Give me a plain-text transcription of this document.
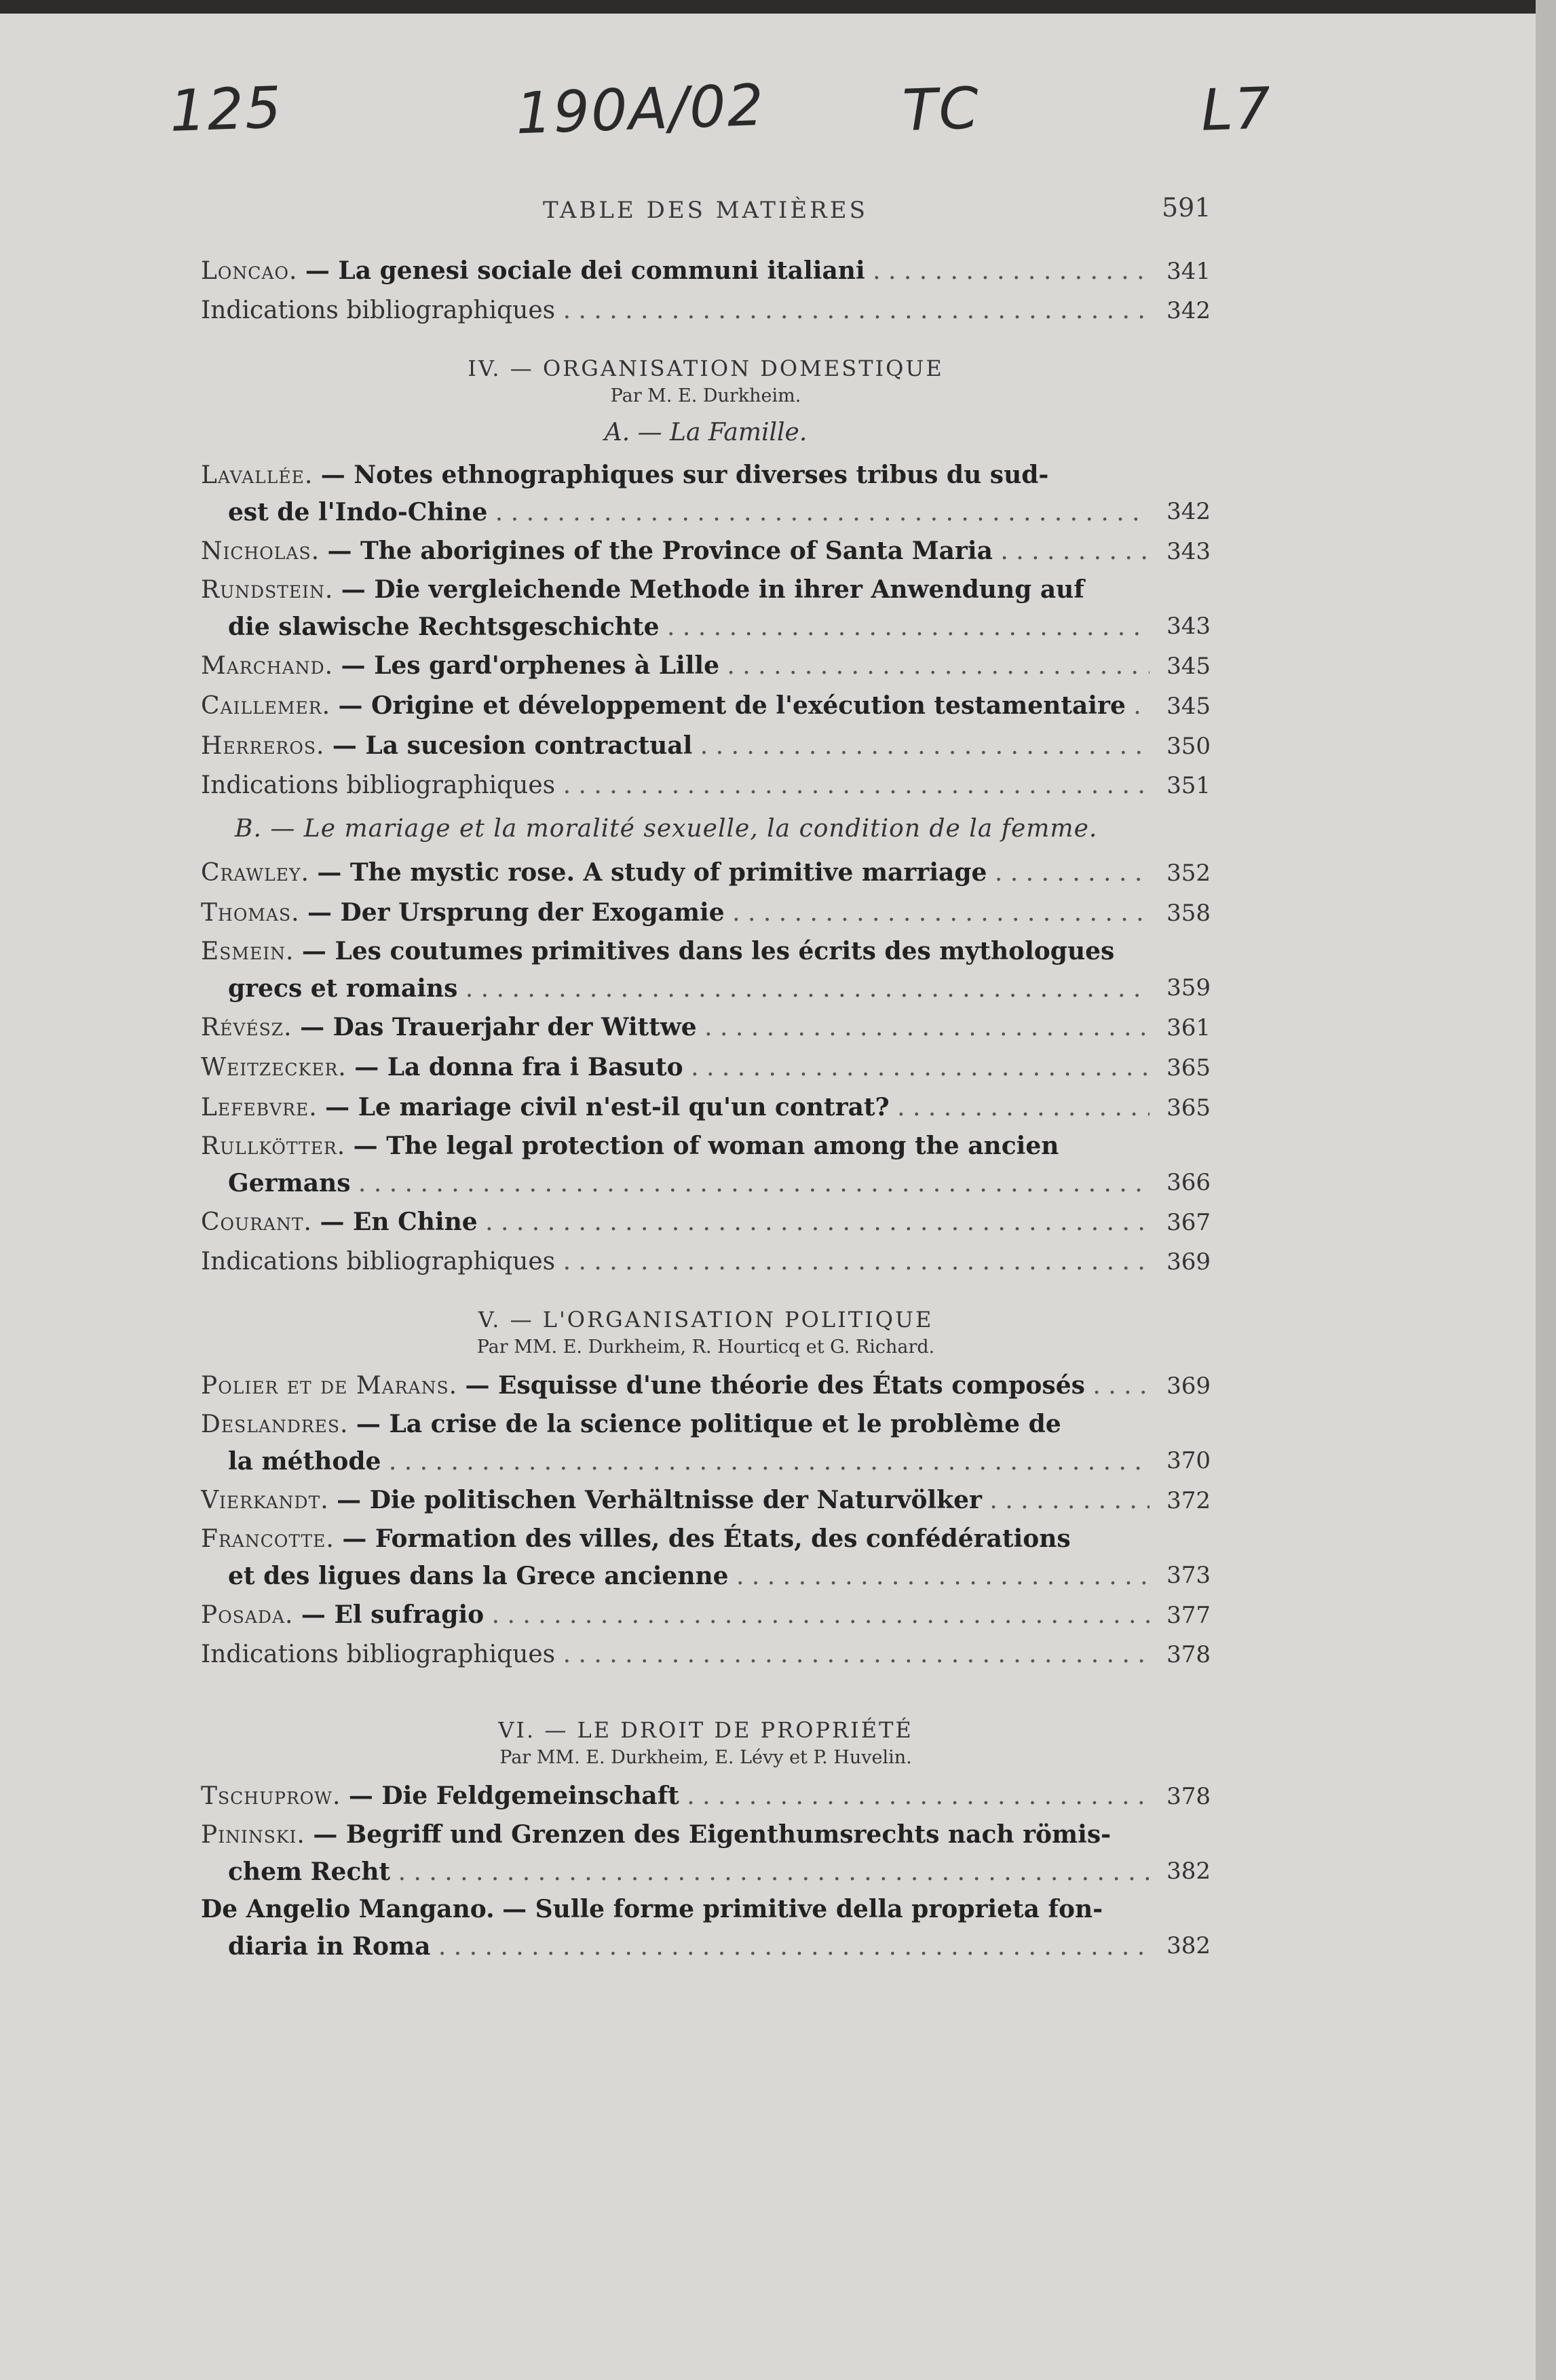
125	190A/02 TC	L7
TABLE DES MATIÈRES	591
Loncao. — La genesi sociale dei communi italiani . . .	341
Indications bibliographiques . . .	342
IV. — ORGANISATION DOMESTIQUE
Par M. E. Durkheim.
A. — La Famille.
Lavallée. — Notes ethnographiques sur diverses tribus du sud-
est de l'Indo-Chine . . .	342
Nicholas. — The aborigines of the Province of Santa Maria . . .	343
Rundstein. — Die vergleichende Methode in ihrer Anwendung auf
die slawische Rechtsgeschichte . . .	343
Marchand. — Les gard'orphenes à Lille . . .	345
Caillemer. — Origine et développement de l'exécution testamentaire . . .	345
Herreros. — La sucesion contractual . . .	350
Indications bibliographiques . . .	351
B. — Le mariage et la moralité sexuelle, la condition de la femme.
Crawley. — The mystic rose. A study of primitive marriage . . .	352
Thomas. — Der Ursprung der Exogamie . . .	358
Esmein. — Les coutumes primitives dans les écrits des mythologues
grecs et romains . . .	359
Révész. — Das Trauerjahr der Wittwe . . .	361
Weitzecker. — La donna fra i Basuto . . .	365
Lefebvre. — Le mariage civil n'est-il qu'un contrat? . . .	365
Rullkötter. — The legal protection of woman among the ancien
Germans . . .	366
Courant. — En Chine . . .	367
Indications bibliographiques . . .	369
V. — L'ORGANISATION POLITIQUE
Par MM. E. Durkheim, R. Hourticq et G. Richard.
Polier et de Marans. — Esquisse d'une théorie des États composés . . .	369
Deslandres. — La crise de la science politique et le problème de
la méthode . . .	370
Vierkandt. — Die politischen Verhältnisse der Naturvölker . . .	372
Francotte. — Formation des villes, des États, des confédérations
et des ligues dans la Grece ancienne . . .	373
Posada. — El sufragio . . .	377
Indications bibliographiques . . .	378
VI. — LE DROIT DE PROPRIÉTÉ
Par MM. E. Durkheim, E. Lévy et P. Huvelin.
Tschuprow. — Die Feldgemeinschaft . . .	378
Pininski. — Begriff und Grenzen des Eigenthumsrechts nach römis-
chem Recht . . .	382
De Angelio Mangano. — Sulle forme primitive della proprieta fon-
diaria in Roma . . .	382
